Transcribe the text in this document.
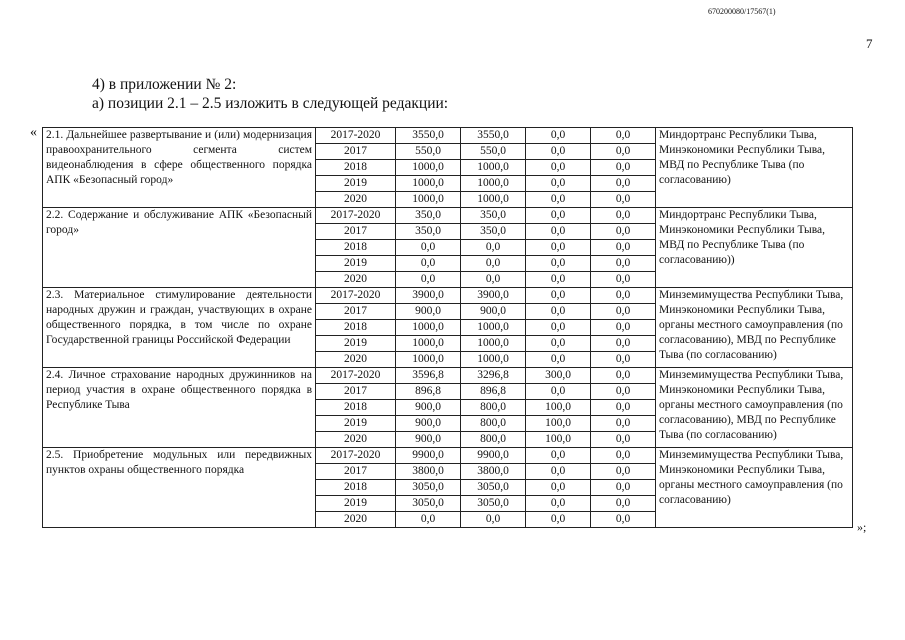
670200080/17567(1)
7
4) в приложении № 2:
а) позиции 2.1 – 2.5 изложить в следующей редакции:
«
»;
2.1. Дальнейшее развертывание и (или) модернизация правоохранительного сегмента систем видеонаблюдения в сфере общественного порядка АПК «Безопасный город»	2017-2020	3550,0	3550,0	0,0	0,0	Миндортранс Республики Тыва, Минэкономики Республики Тыва, МВД по Республике Тыва (по согласованию)
	2017	550,0	550,0	0,0	0,0	
	2018	1000,0	1000,0	0,0	0,0	
	2019	1000,0	1000,0	0,0	0,0	
	2020	1000,0	1000,0	0,0	0,0	
2.2. Содержание и обслуживание АПК «Безопасный город»	2017-2020	350,0	350,0	0,0	0,0	Миндортранс Республики Тыва, Минэкономики Республики Тыва, МВД по Республике Тыва (по согласованию))
	2017	350,0	350,0	0,0	0,0	
	2018	0,0	0,0	0,0	0,0	
	2019	0,0	0,0	0,0	0,0	
	2020	0,0	0,0	0,0	0,0	
2.3. Материальное стимулирование деятельности народных дружин и граждан, участвующих в охране общественного порядка, в том числе по охране Государственной границы Российской Федерации	2017-2020	3900,0	3900,0	0,0	0,0	Минземимущества Республики Тыва, Минэкономики Республики Тыва, органы местного самоуправления (по согласованию), МВД по Республике Тыва (по согласованию)
	2017	900,0	900,0	0,0	0,0	
	2018	1000,0	1000,0	0,0	0,0	
	2019	1000,0	1000,0	0,0	0,0	
	2020	1000,0	1000,0	0,0	0,0	
2.4. Личное страхование народных дружинников на период участия в охране общественного порядка в Республике Тыва	2017-2020	3596,8	3296,8	300,0	0,0	Минземимущества Республики Тыва, Минэкономики Республики Тыва, органы местного самоуправления (по согласованию), МВД по Республике Тыва (по согласованию)
	2017	896,8	896,8	0,0	0,0	
	2018	900,0	800,0	100,0	0,0	
	2019	900,0	800,0	100,0	0,0	
	2020	900,0	800,0	100,0	0,0	
2.5. Приобретение модульных или передвижных пунктов охраны общественного порядка	2017-2020	9900,0	9900,0	0,0	0,0	Минземимущества Республики Тыва, Минэкономики Республики Тыва, органы местного самоуправления (по согласованию)
	2017	3800,0	3800,0	0,0	0,0	
	2018	3050,0	3050,0	0,0	0,0	
	2019	3050,0	3050,0	0,0	0,0	
	2020	0,0	0,0	0,0	0,0	
